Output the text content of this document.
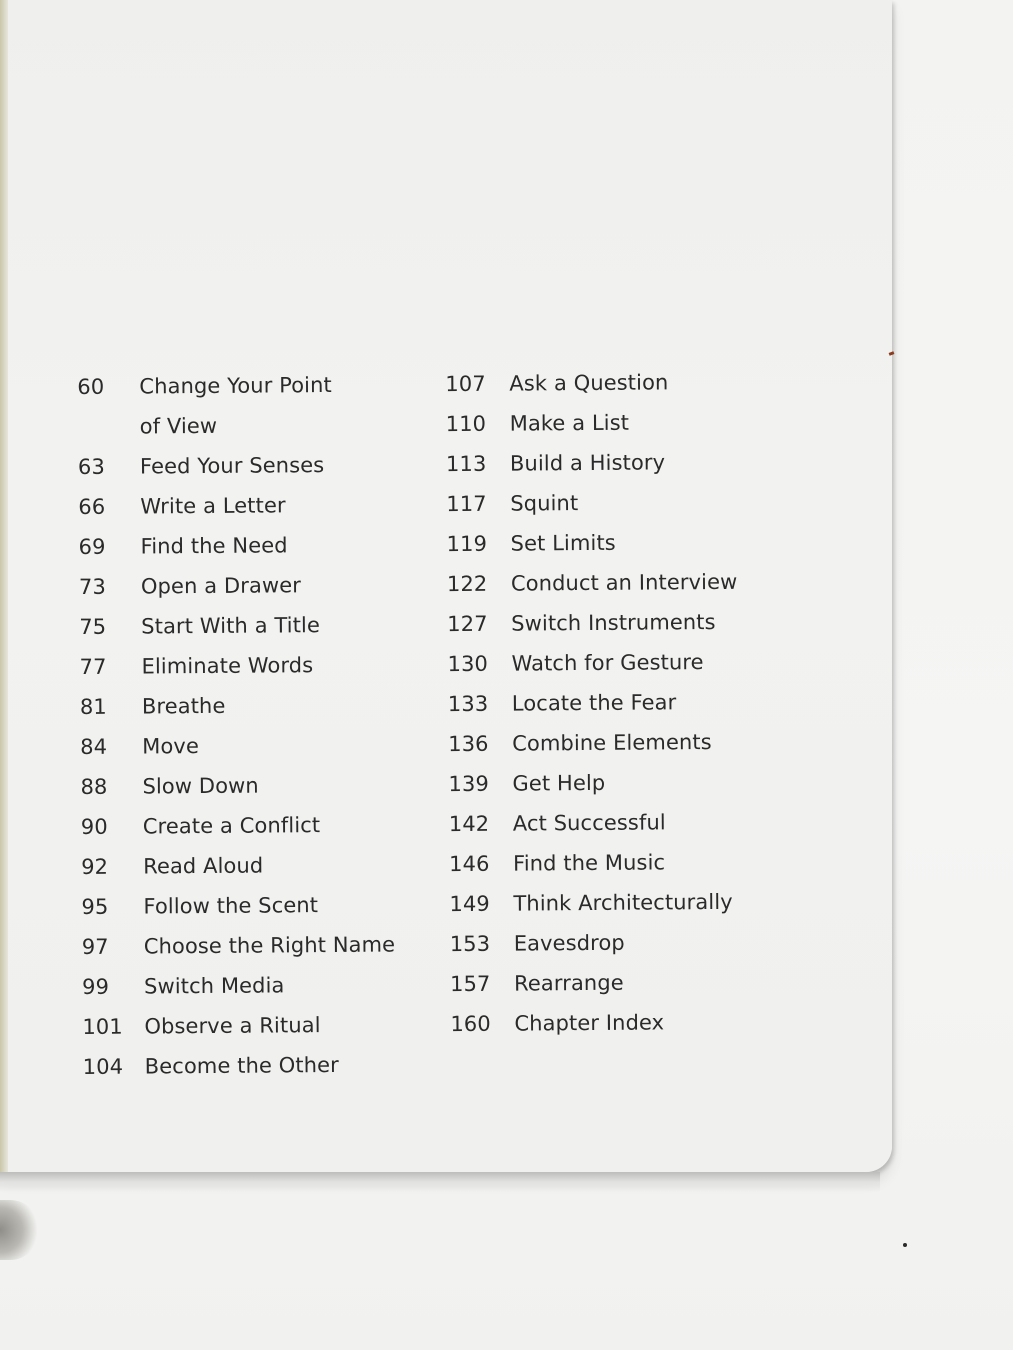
60	Change Your Point
of View
63	Feed Your Senses
66	Write a Letter
69	Find the Need
73	Open a Drawer
75	Start With a Title
77	Eliminate Words
81	Breathe
84	Move
88	Slow Down
90	Create a Conflict
92	Read Aloud
95	Follow the Scent
97	Choose the Right Name
99	Switch Media
101	Observe a Ritual
104	Become the Other
107	Ask a Question
110	Make a List
113	Build a History
117	Squint
119	Set Limits
122	Conduct an Interview
127	Switch Instruments
130	Watch for Gesture
133	Locate the Fear
136	Combine Elements
139	Get Help
142	Act Successful
146	Find the Music
149	Think Architecturally
153	Eavesdrop
157	Rearrange
160	Chapter Index
